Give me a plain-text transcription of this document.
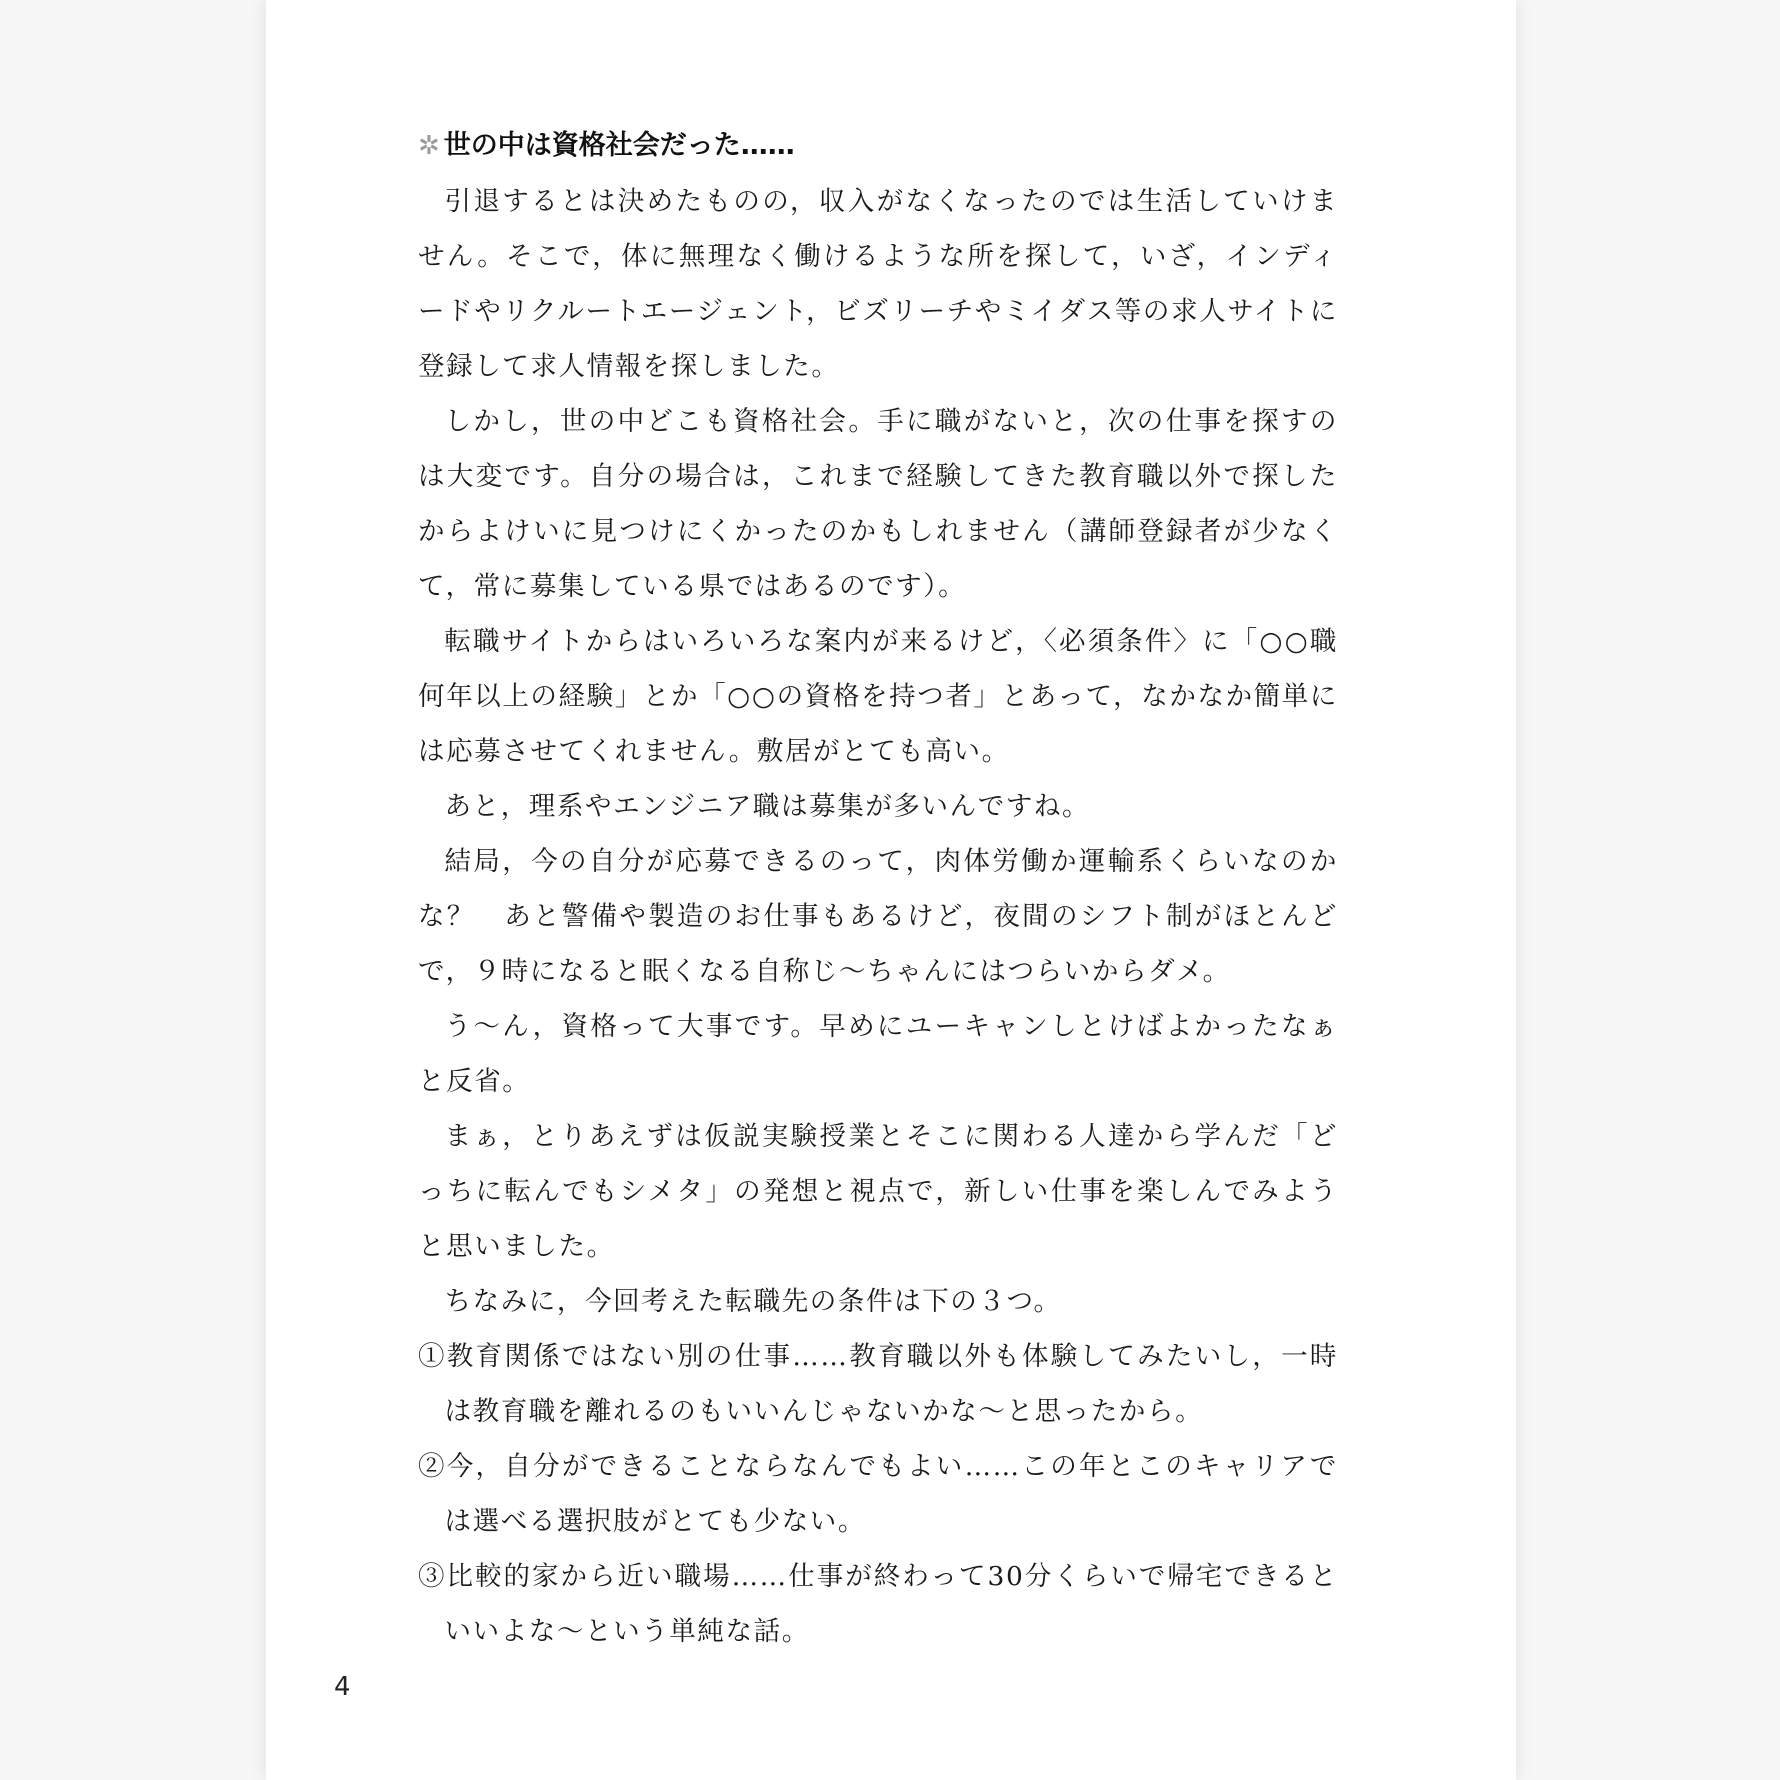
✲ 世の中は資格社会だった……

引退するとは決めたものの，収入がなくなったのでは生活していけません。そこで，体に無理なく働けるような所を探して，いざ，インディードやリクルートエージェント，ビズリーチやミイダス等の求人サイトに登録して求人情報を探しました。

しかし，世の中どこも資格社会。手に職がないと，次の仕事を探すのは大変です。自分の場合は，これまで経験してきた教育職以外で探したからよけいに見つけにくかったのかもしれません（講師登録者が少なくて，常に募集している県ではあるのです）。

転職サイトからはいろいろな案内が来るけど，〈必須条件〉に「○○職何年以上の経験」とか「○○の資格を持つ者」とあって，なかなか簡単には応募させてくれません。敷居がとても高い。

あと，理系やエンジニア職は募集が多いんですね。

結局，今の自分が応募できるのって，肉体労働か運輸系くらいなのかな？　あと警備や製造のお仕事もあるけど，夜間のシフト制がほとんどで，９時になると眠くなる自称じ～ちゃんにはつらいからダメ。

う～ん，資格って大事です。早めにユーキャンしとけばよかったなぁと反省。

まぁ，とりあえずは仮説実験授業とそこに関わる人達から学んだ「どっちに転んでもシメタ」の発想と視点で，新しい仕事を楽しんでみようと思いました。

ちなみに，今回考えた転職先の条件は下の３つ。

①教育関係ではない別の仕事……教育職以外も体験してみたいし，一時は教育職を離れるのもいいんじゃないかな～と思ったから。
②今，自分ができることならなんでもよい……この年とこのキャリアでは選べる選択肢がとても少ない。
③比較的家から近い職場……仕事が終わって30分くらいで帰宅できるといいよな～という単純な話。
4
